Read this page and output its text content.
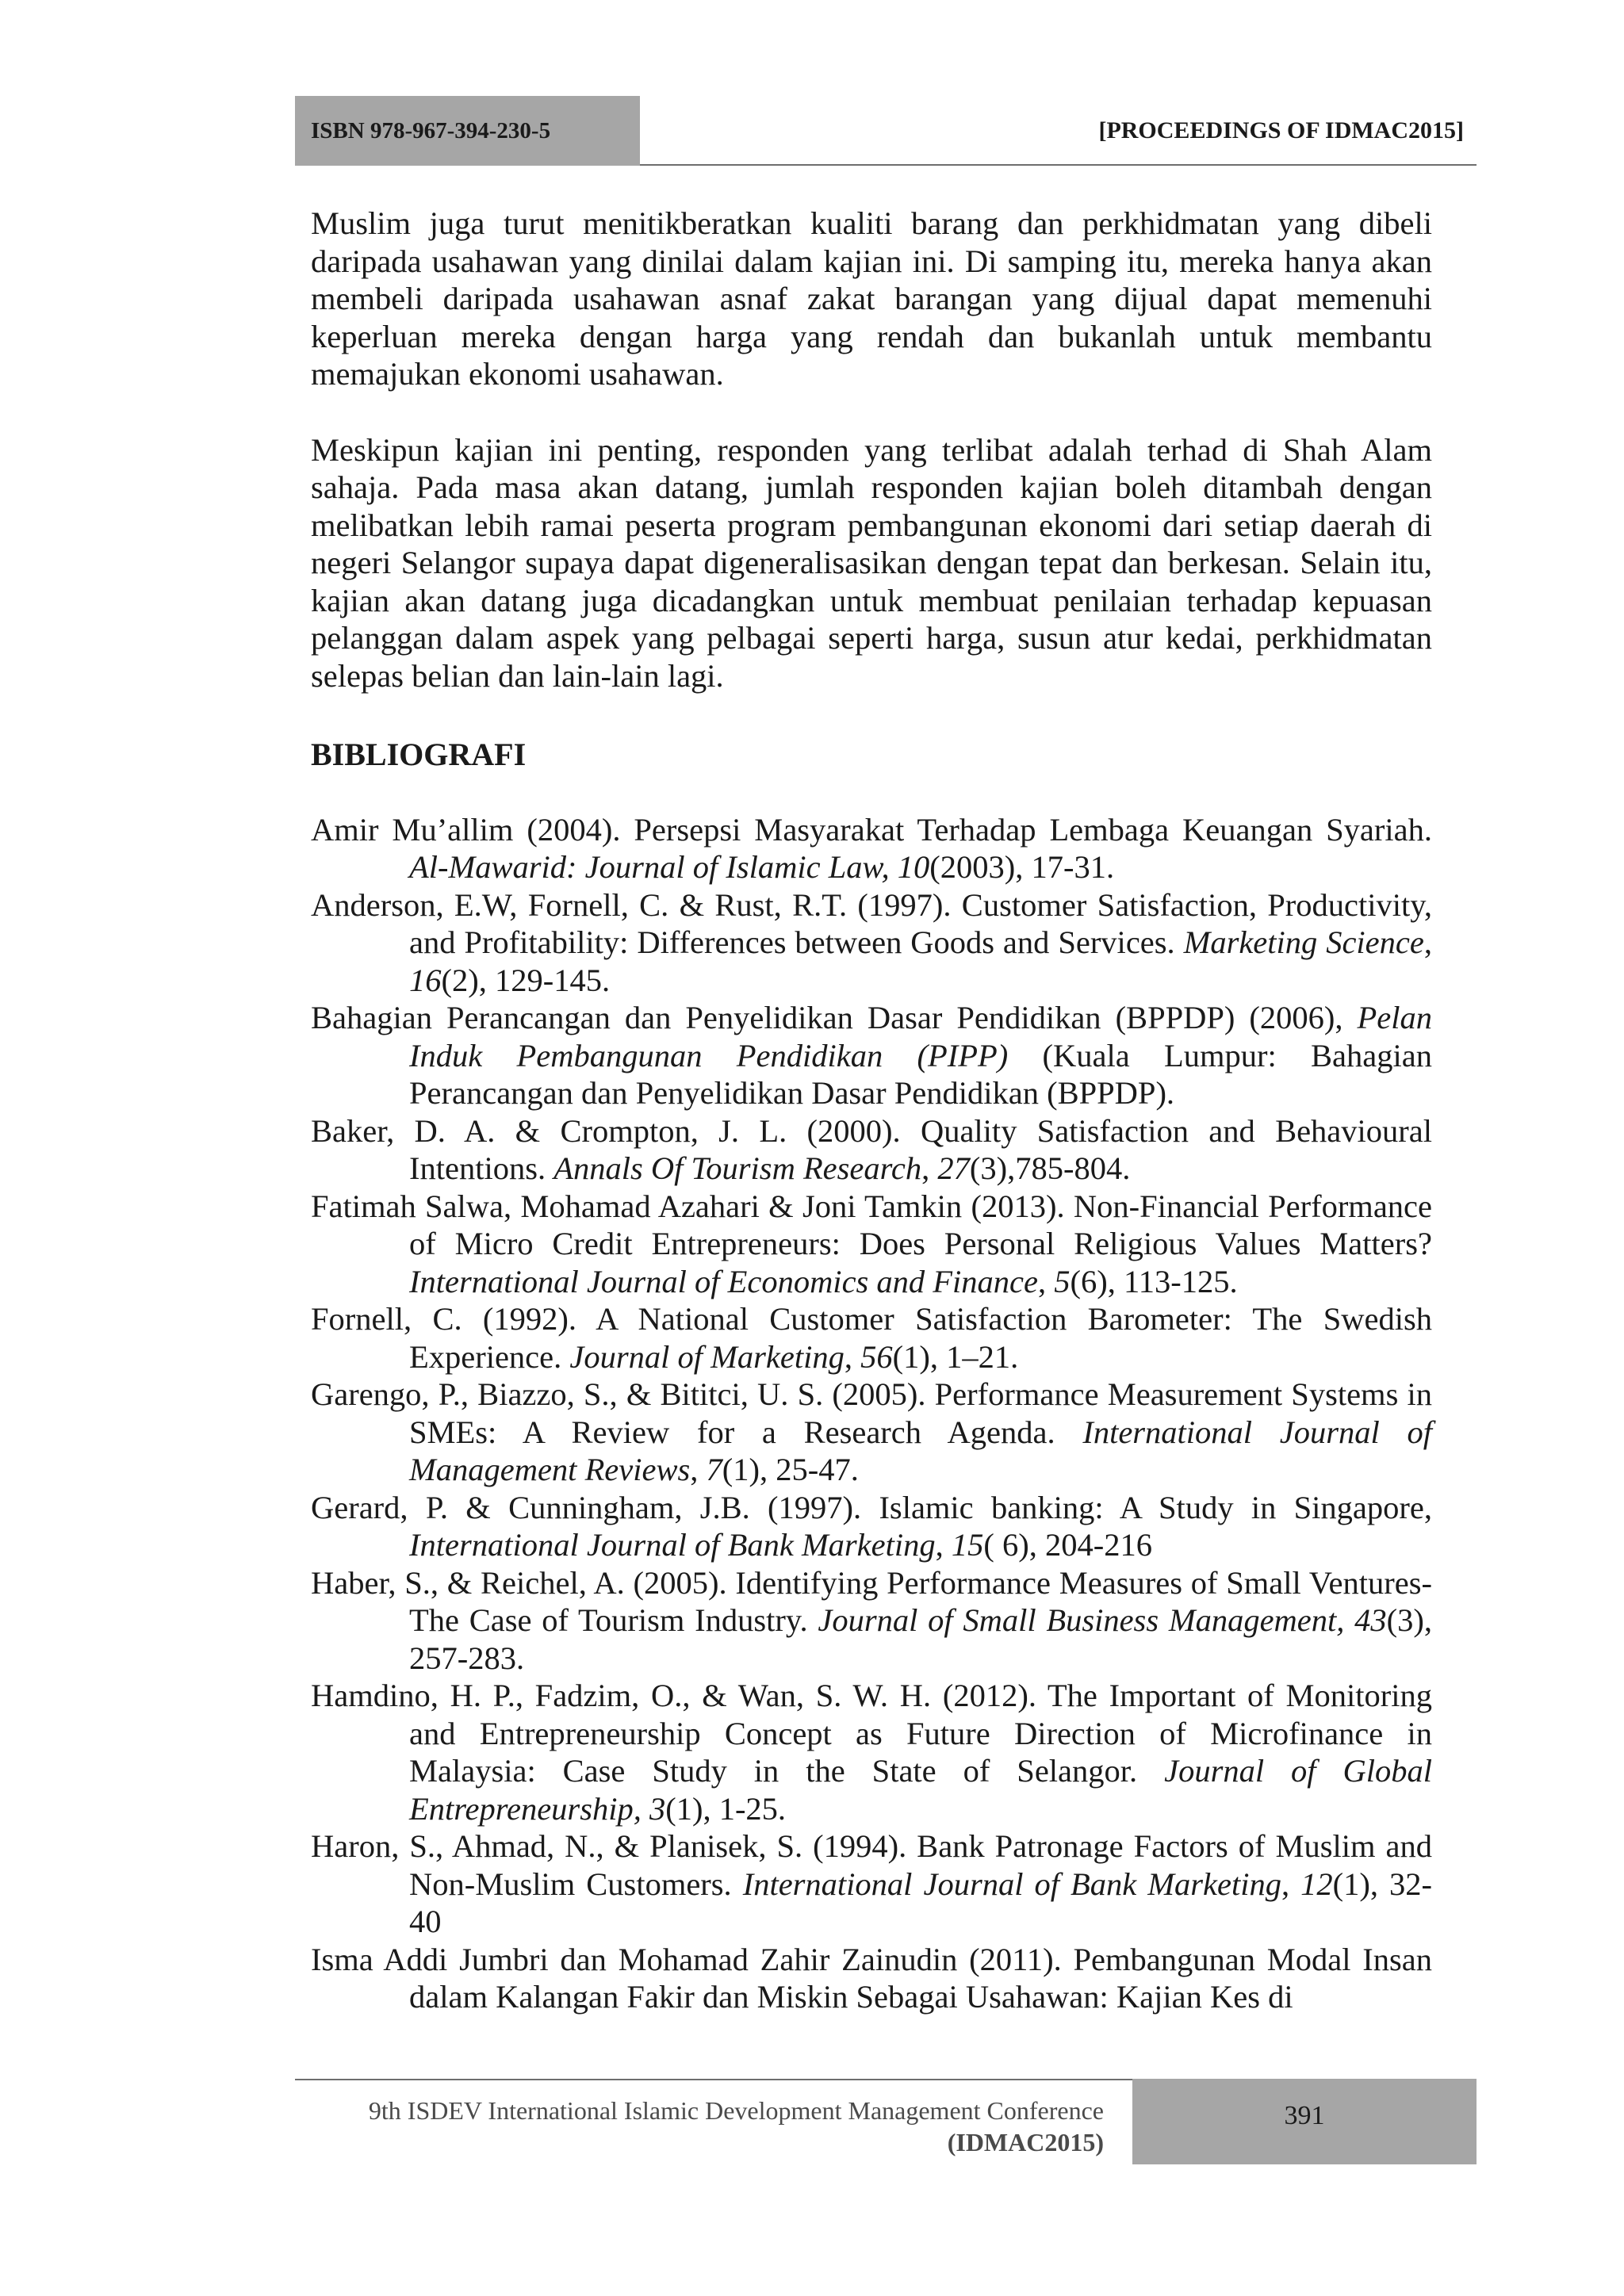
ISBN 978-967-394-230-5	[PROCEEDINGS OF IDMAC2015]

Muslim juga turut menitikberatkan kualiti barang dan perkhidmatan yang dibeli daripada usahawan yang dinilai dalam kajian ini. Di samping itu, mereka hanya akan membeli daripada usahawan asnaf zakat barangan yang dijual dapat memenuhi keperluan mereka dengan harga yang rendah dan bukanlah untuk membantu memajukan ekonomi usahawan.

Meskipun kajian ini penting, responden yang terlibat adalah terhad di Shah Alam sahaja. Pada masa akan datang, jumlah responden kajian boleh ditambah dengan melibatkan lebih ramai peserta program pembangunan ekonomi dari setiap daerah di negeri Selangor supaya dapat digeneralisasikan dengan tepat dan berkesan. Selain itu, kajian akan datang juga dicadangkan untuk membuat penilaian terhadap kepuasan pelanggan dalam aspek yang pelbagai seperti harga, susun atur kedai, perkhidmatan selepas belian dan lain-lain lagi.

BIBLIOGRAFI

Amir Mu’allim (2004). Persepsi Masyarakat Terhadap Lembaga Keuangan Syariah. Al-Mawarid: Journal of Islamic Law, 10(2003), 17-31.

Anderson, E.W, Fornell, C. & Rust, R.T. (1997). Customer Satisfaction, Productivity, and Profitability: Differences between Goods and Services. Marketing Science, 16(2), 129-145.

Bahagian Perancangan dan Penyelidikan Dasar Pendidikan (BPPDP) (2006), Pelan Induk Pembangunan Pendidikan (PIPP) (Kuala Lumpur: Bahagian Perancangan dan Penyelidikan Dasar Pendidikan (BPPDP).

Baker, D. A. & Crompton, J. L. (2000). Quality Satisfaction and Behavioural Intentions. Annals Of Tourism Research, 27(3),785-804.

Fatimah Salwa, Mohamad Azahari & Joni Tamkin (2013). Non-Financial Performance of Micro Credit Entrepreneurs: Does Personal Religious Values Matters? International Journal of Economics and Finance, 5(6), 113-125.

Fornell, C. (1992). A National Customer Satisfaction Barometer: The Swedish Experience. Journal of Marketing, 56(1), 1–21.

Garengo, P., Biazzo, S., & Bititci, U. S. (2005). Performance Measurement Systems in SMEs: A Review for a Research Agenda. International Journal of Management Reviews, 7(1), 25-47.

Gerard, P. & Cunningham, J.B. (1997). Islamic banking: A Study in Singapore, International Journal of Bank Marketing, 15( 6), 204-216

Haber, S., & Reichel, A. (2005). Identifying Performance Measures of Small Ventures-The Case of Tourism Industry. Journal of Small Business Management, 43(3), 257-283.

Hamdino, H. P., Fadzim, O., & Wan, S. W. H. (2012). The Important of Monitoring and Entrepreneurship Concept as Future Direction of Microfinance in Malaysia: Case Study in the State of Selangor. Journal of Global Entrepreneurship, 3(1), 1-25.

Haron, S., Ahmad, N., & Planisek, S. (1994). Bank Patronage Factors of Muslim and Non-Muslim Customers. International Journal of Bank Marketing, 12(1), 32-40

Isma Addi Jumbri dan Mohamad Zahir Zainudin (2011). Pembangunan Modal Insan dalam Kalangan Fakir dan Miskin Sebagai Usahawan: Kajian Kes di

9th ISDEV International Islamic Development Management Conference
(IDMAC2015)
391
